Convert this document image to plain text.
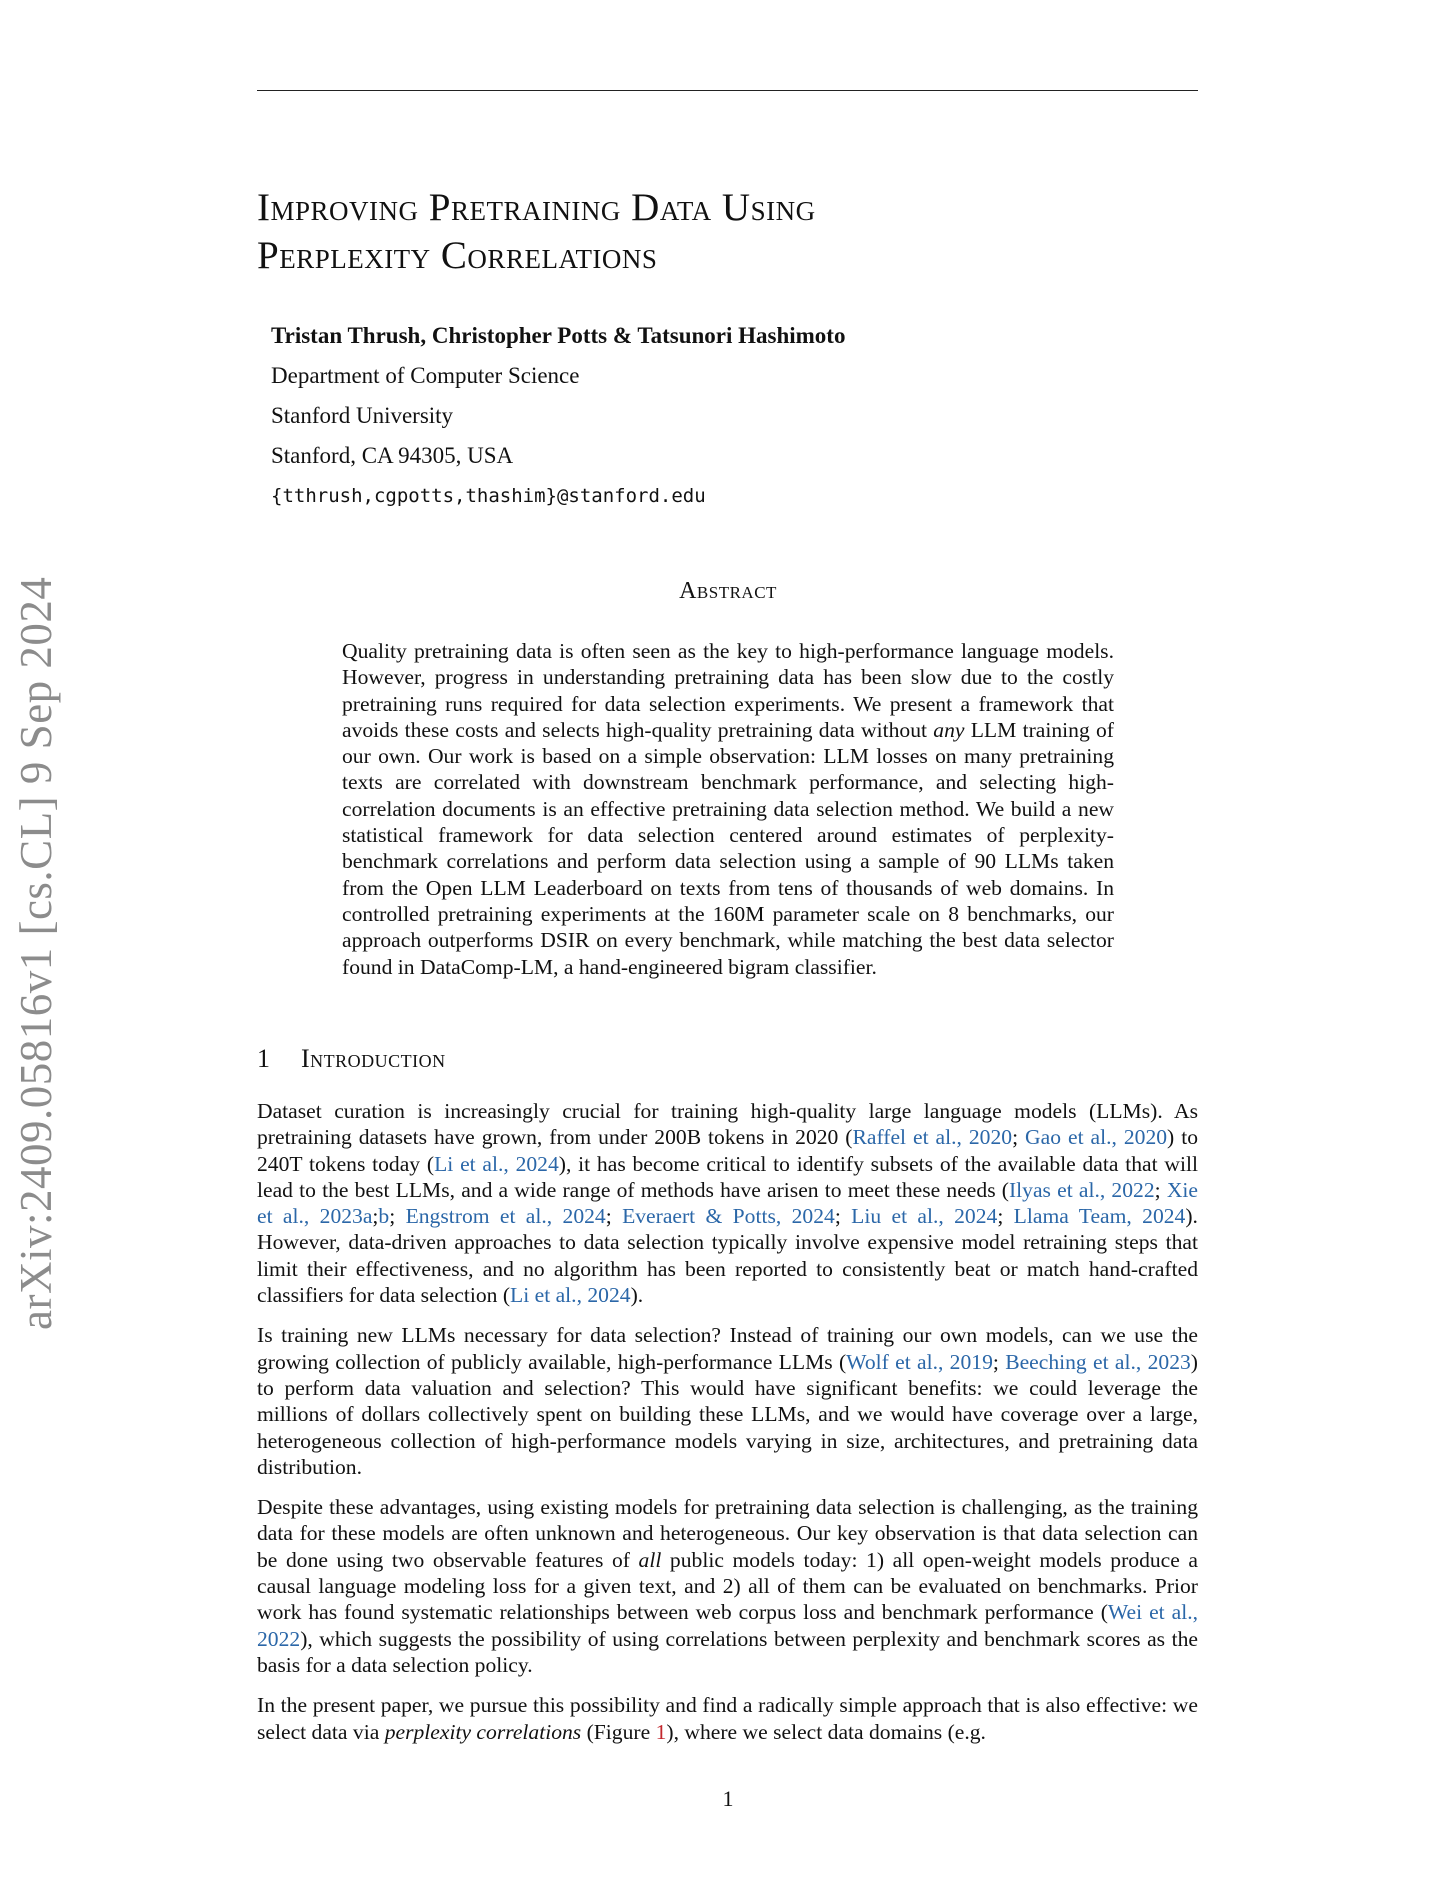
arXiv:2409.05816v1 [cs.CL] 9 Sep 2024
Improving Pretraining Data Using
Perplexity Correlations
Tristan Thrush, Christopher Potts & Tatsunori Hashimoto
Department of Computer Science
Stanford University
Stanford, CA 94305, USA
{tthrush,cgpotts,thashim}@stanford.edu
Abstract
Quality pretraining data is often seen as the key to high-performance language models. However, progress in understanding pretraining data has been slow due to the costly pretraining runs required for data selection experiments. We present a framework that avoids these costs and selects high-quality pretraining data without any LLM training of our own. Our work is based on a simple observation: LLM losses on many pretraining texts are correlated with downstream benchmark performance, and selecting high-correlation documents is an effective pretraining data selection method. We build a new statistical framework for data selection centered around estimates of perplexity-benchmark correlations and perform data selection using a sample of 90 LLMs taken from the Open LLM Leaderboard on texts from tens of thousands of web domains. In controlled pretraining experiments at the 160M parameter scale on 8 benchmarks, our approach outperforms DSIR on every benchmark, while matching the best data selector found in DataComp-LM, a hand-engineered bigram classifier.
1 Introduction

Dataset curation is increasingly crucial for training high-quality large language models (LLMs). As pretraining datasets have grown, from under 200B tokens in 2020 (Raffel et al., 2020; Gao et al., 2020) to 240T tokens today (Li et al., 2024), it has become critical to identify subsets of the available data that will lead to the best LLMs, and a wide range of methods have arisen to meet these needs (Ilyas et al., 2022; Xie et al., 2023a;b; Engstrom et al., 2024; Everaert & Potts, 2024; Liu et al., 2024; Llama Team, 2024). However, data-driven approaches to data selection typically involve expensive model retraining steps that limit their effectiveness, and no algorithm has been reported to consistently beat or match hand-crafted classifiers for data selection (Li et al., 2024).

Is training new LLMs necessary for data selection? Instead of training our own models, can we use the growing collection of publicly available, high-performance LLMs (Wolf et al., 2019; Beeching et al., 2023) to perform data valuation and selection? This would have significant benefits: we could leverage the millions of dollars collectively spent on building these LLMs, and we would have coverage over a large, heterogeneous collection of high-performance models varying in size, architectures, and pretraining data distribution.

Despite these advantages, using existing models for pretraining data selection is challenging, as the training data for these models are often unknown and heterogeneous. Our key observation is that data selection can be done using two observable features of all public models today: 1) all open-weight models produce a causal language modeling loss for a given text, and 2) all of them can be evaluated on benchmarks. Prior work has found systematic relationships between web corpus loss and benchmark performance (Wei et al., 2022), which suggests the possibility of using correlations between perplexity and benchmark scores as the basis for a data selection policy.

In the present paper, we pursue this possibility and find a radically simple approach that is also effective: we select data via perplexity correlations (Figure 1), where we select data domains (e.g.

1
